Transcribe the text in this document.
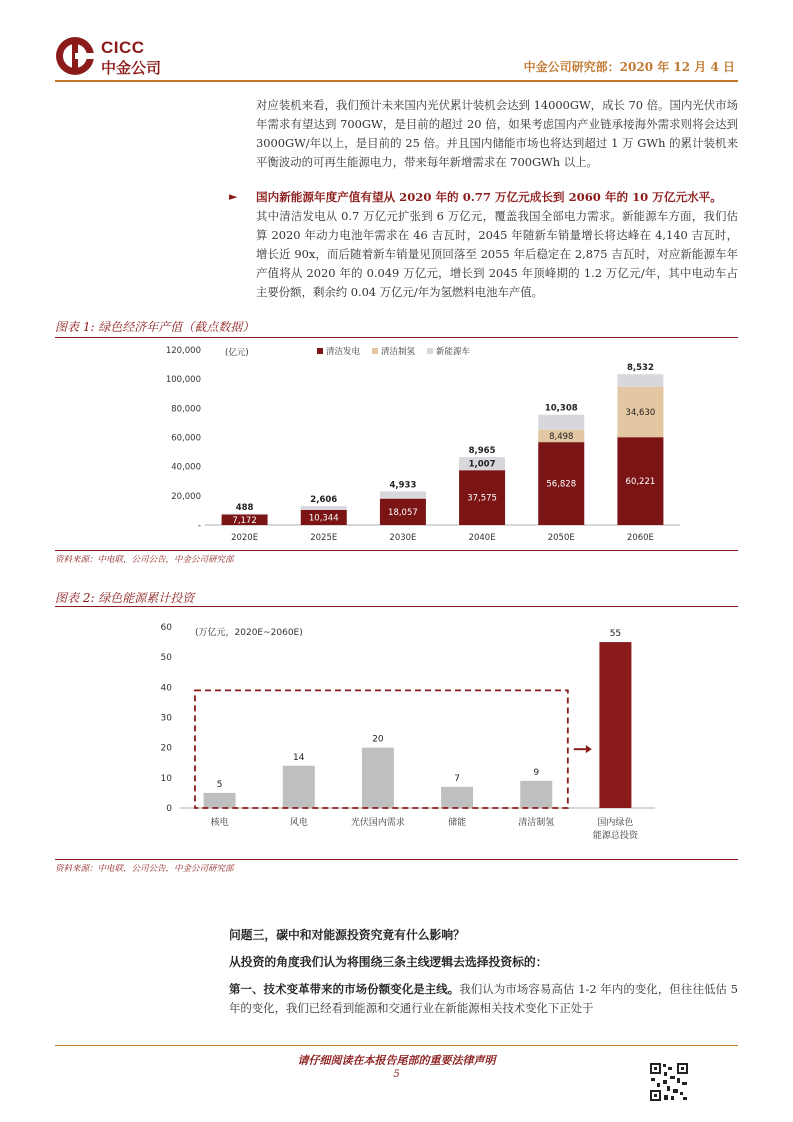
CICC
中金公司	中金公司研究部：2020 年 12 月 4 日
对应装机来看，我们预计未来国内光伏累计装机会达到 14000GW，成长 70 倍。国内光伏市场年需求有望达到 700GW，是目前的超过 20 倍，如果考虑国内产业链承接海外需求则将会达到 3000GW/年以上，是目前的 25 倍。并且国内储能市场也将达到超过 1 万 GWh 的累计装机来平衡波动的可再生能源电力，带来每年新增需求在 700GWh 以上。
► 国内新能源年度产值有望从 2020 年的 0.77 万亿元成长到 2060 年的 10 万亿元水平。
其中清洁发电从 0.7 万亿元扩张到 6 万亿元，覆盖我国全部电力需求。新能源车方面，我们估算 2020 年动力电池年需求在 46 吉瓦时，2045 年随新车销量增长将达峰在 4,140 吉瓦时，增长近 90x，而后随着新车销量见顶回落至 2055 年后稳定在 2,875 吉瓦时，对应新能源车年产值将从 2020 年的 0.049 万亿元，增长到 2045 年顶峰期的 1.2 万亿元/年，其中电动车占主要份额，剩余约 0.04 万亿元/年为氢燃料电池车产值。
图表 1: 绿色经济年产值（截点数据）
-
20,000
40,000
60,000
80,000
100,000
120,000	(亿元)	清洁发电 清洁制氢 新能源车
7,172
488
2020E
10,344
2,606
2025E
18,057
4,933
2030E
37,575
8,965
2040E
56,828
8,498
10,308
2050E
60,221
34,630
8,532
2060E
1,007
资料来源：中电联，公司公告，中金公司研究部
图表 2: 绿色能源累计投资
0
10
20
30
40
50
60	(万亿元，2020E~2060E)
5
核电
14
风电
20
光伏国内需求
7
储能
9
清洁制氢
55
国内绿色
能源总投资
资料来源：中电联，公司公告，中金公司研究部
问题三，碳中和对能源投资究竟有什么影响？
从投资的角度我们认为将围绕三条主线逻辑去选择投资标的：
第一、技术变革带来的市场份额变化是主线。我们认为市场容易高估 1-2 年内的变化，但往往低估 5 年的变化，我们已经看到能源和交通行业在新能源相关技术变化下正处于
请仔细阅读在本报告尾部的重要法律声明
5
